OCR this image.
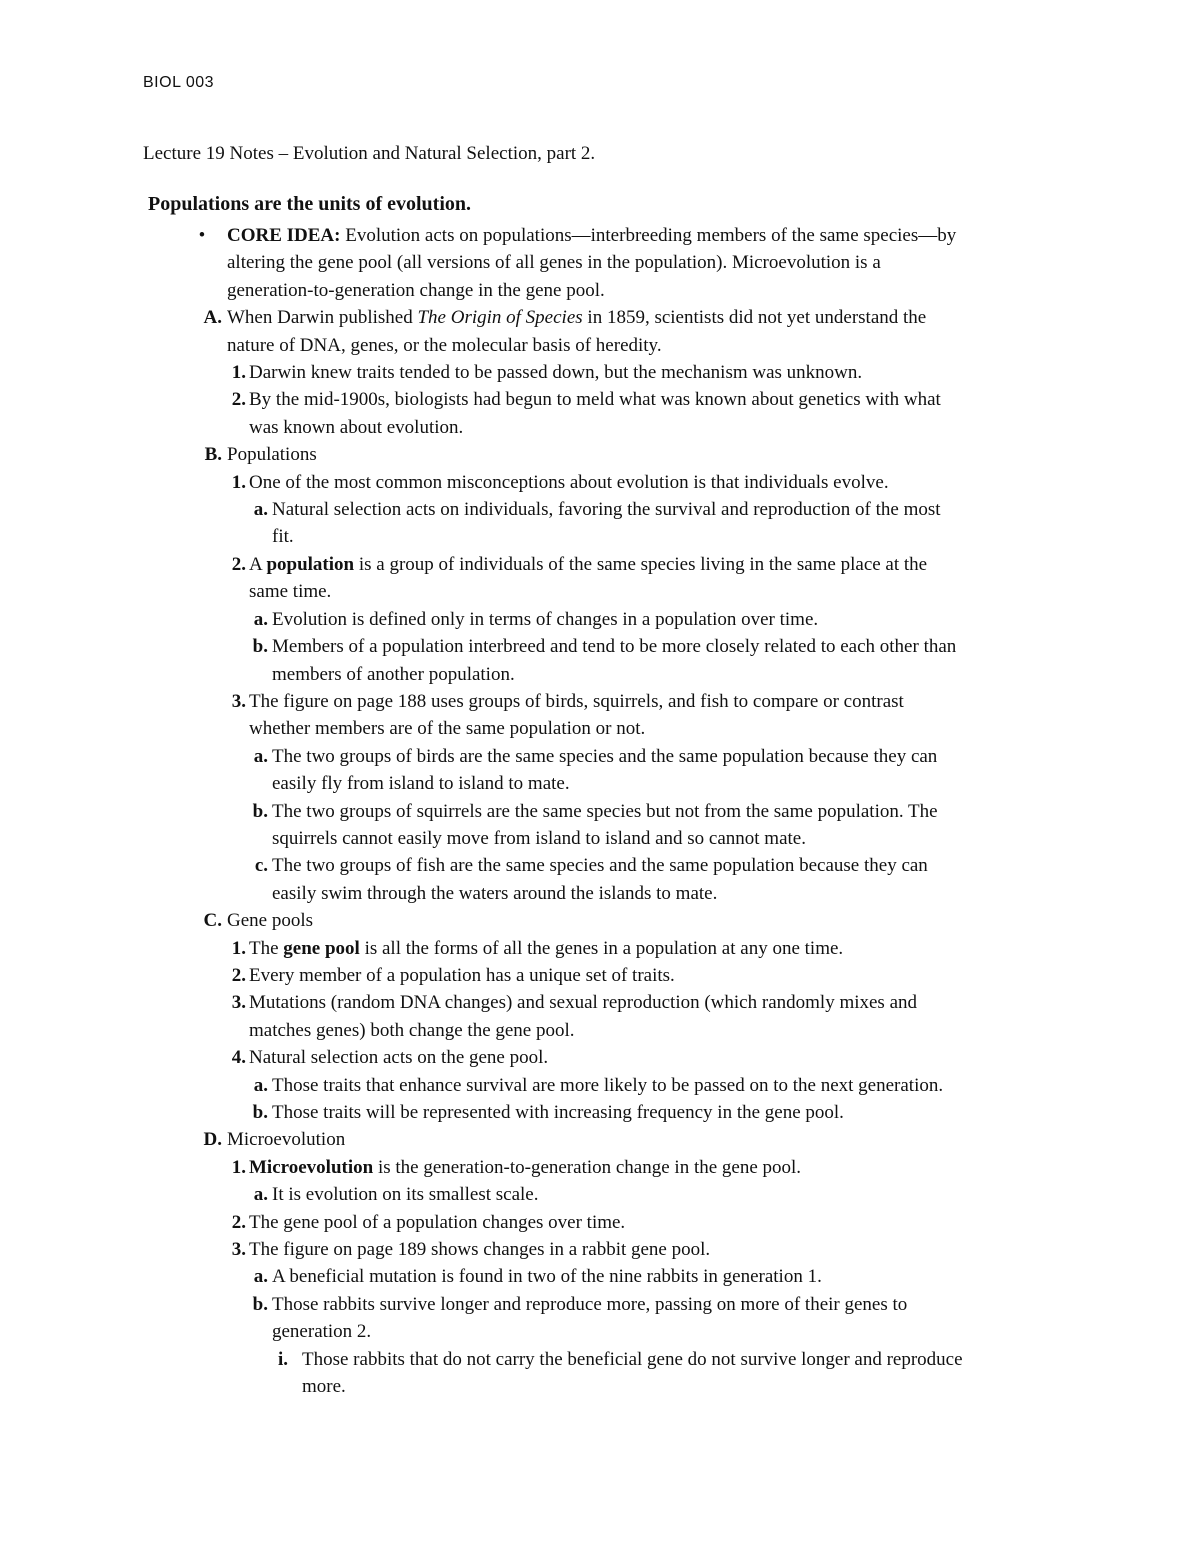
BIOL 003
Lecture 19 Notes – Evolution and Natural Selection, part 2.
Populations are the units of evolution.
•	CORE IDEA: Evolution acts on populations—interbreeding members of the same species—by
altering the gene pool (all versions of all genes in the population). Microevolution is a
generation-to-generation change in the gene pool.
A. When Darwin published The Origin of Species in 1859, scientists did not yet understand the
nature of DNA, genes, or the molecular basis of heredity.
1. Darwin knew traits tended to be passed down, but the mechanism was unknown.
2. By the mid-1900s, biologists had begun to meld what was known about genetics with what
was known about evolution.
B. Populations
1. One of the most common misconceptions about evolution is that individuals evolve.
a. Natural selection acts on individuals, favoring the survival and reproduction of the most
fit.
2. A population is a group of individuals of the same species living in the same place at the
same time.
a. Evolution is defined only in terms of changes in a population over time.
b. Members of a population interbreed and tend to be more closely related to each other than
members of another population.
3. The figure on page 188 uses groups of birds, squirrels, and fish to compare or contrast
whether members are of the same population or not.
a. The two groups of birds are the same species and the same population because they can
easily fly from island to island to mate.
b. The two groups of squirrels are the same species but not from the same population. The
squirrels cannot easily move from island to island and so cannot mate.
c. The two groups of fish are the same species and the same population because they can
easily swim through the waters around the islands to mate.
C. Gene pools
1. The gene pool is all the forms of all the genes in a population at any one time.
2. Every member of a population has a unique set of traits.
3. Mutations (random DNA changes) and sexual reproduction (which randomly mixes and
matches genes) both change the gene pool.
4. Natural selection acts on the gene pool.
a. Those traits that enhance survival are more likely to be passed on to the next generation.
b. Those traits will be represented with increasing frequency in the gene pool.
D. Microevolution
1. Microevolution is the generation-to-generation change in the gene pool.
a. It is evolution on its smallest scale.
2. The gene pool of a population changes over time.
3. The figure on page 189 shows changes in a rabbit gene pool.
a. A beneficial mutation is found in two of the nine rabbits in generation 1.
b. Those rabbits survive longer and reproduce more, passing on more of their genes to
generation 2.
i. Those rabbits that do not carry the beneficial gene do not survive longer and reproduce
more.
